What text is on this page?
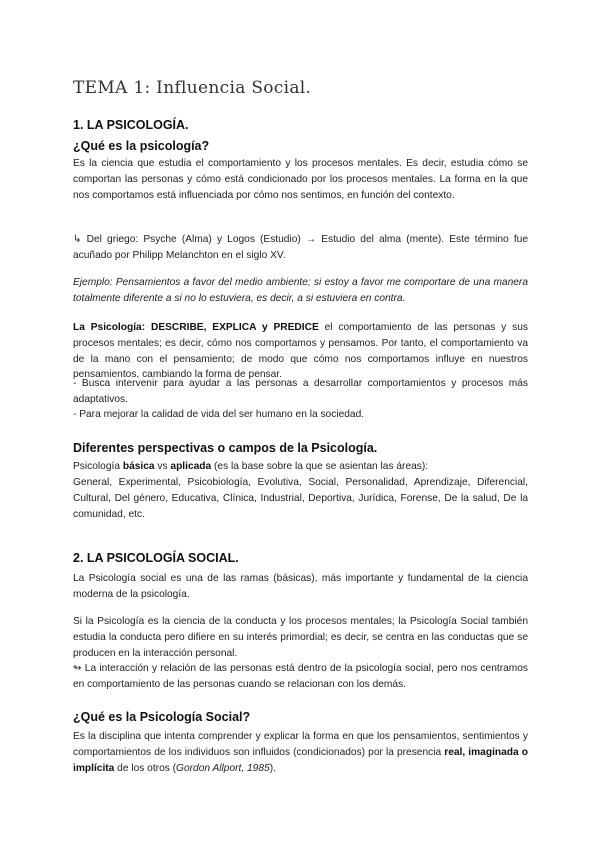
TEMA 1: Influencia Social.
1. LA PSICOLOGÍA.
¿Qué es la psicología?

Es la ciencia que estudia el comportamiento y los procesos mentales. Es decir, estudia cómo se comportan las personas y cómo está condicionado por los procesos mentales. La forma en la que nos comportamos está influenciada por cómo nos sentimos, en función del contexto.

↳ Del griego: Psyche (Alma) y Logos (Estudio) → Estudio del alma (mente). Este término fue acuñado por Philipp Melanchton en el siglo XV.

Ejemplo: Pensamientos a favor del medio ambiente; si estoy a favor me comportare de una manera totalmente diferente a si no lo estuviera, es decir, a si estuviera en contra.

La Psicología: DESCRIBE, EXPLICA y PREDICE el comportamiento de las personas y sus procesos mentales; es decir, cómo nos comportamos y pensamos. Por tanto, el comportamiento va de la mano con el pensamiento; de modo que cómo nos comportamos influye en nuestros pensamientos, cambiando la forma de pensar.

- Busca intervenir para ayudar a las personas a desarrollar comportamientos y procesos más adaptativos.

- Para mejorar la calidad de vida del ser humano en la sociedad.

Diferentes perspectivas o campos de la Psicología.

Psicología básica vs aplicada (es la base sobre la que se asientan las áreas):

General, Experimental, Psicobiología, Evolutiva, Social, Personalidad, Aprendizaje, Diferencial, Cultural, Del género, Educativa, Clínica, Industrial, Deportiva, Jurídica, Forense, De la salud, De la comunidad, etc.

2. LA PSICOLOGÍA SOCIAL.

La Psicología social es una de las ramas (básicas), más importante y fundamental de la ciencia moderna de la psicología.

Si la Psicología es la ciencia de la conducta y los procesos mentales; la Psicología Social también estudia la conducta pero difiere en su interés primordial; es decir, se centra en las conductas que se producen en la interacción personal.

↬ La interacción y relación de las personas está dentro de la psicología social, pero nos centramos en comportamiento de las personas cuando se relacionan con los demás.

¿Qué es la Psicología Social?

Es la disciplina que intenta comprender y explicar la forma en que los pensamientos, sentimientos y comportamientos de los individuos son influidos (condicionados) por la presencia real, imaginada o implícita de los otros (Gordon Allport, 1985).
